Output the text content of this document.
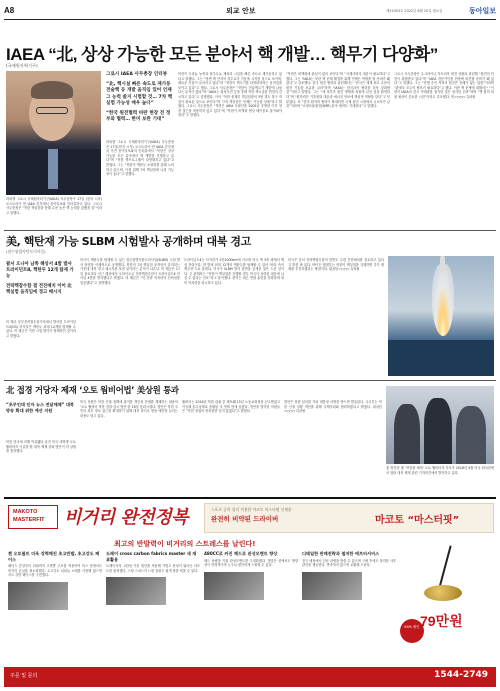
A8	외교 안보	제31053호 2022년 6월 20일 월요일	동아일보
IAEA “北, 상상 가능한 모든 분야서 핵 개발… 핵무기 다양화”
(국제원자력기구)
라파엘 그로시 국제원자력기구(IAEA) 사무총장이 17일 (현지 시각) 오스트리아 빈 IAEA 본부에서 동아일보와 인터뷰하고 있다. 그로시 사무총장은 “북한 핵실험을 통해 수준 높은 핵 능력을 갖췄을 것”이라고 말했다.
그로시 IAEA 사무총장 인터뷰
“北, 핵시설 빠른 속도로 재가동 전술핵 등 개발 움직임 있어 언제 그 능력 쓸지 시험할 것… 7차 핵실험 가능성 매우 높다”
“한국 원전협력 바란 현장 전 정부와 협력… 한미 보완 기대”
라파엘 그로시 국제원자력기구(IAEA) 사무총장은 17일(현지 시각) 오스트리아 빈 IAEA 본부에서 가진 동아일보와의 인터뷰에서 “북한은 상상 가능한 모든 분야에서 핵 개발을 진행하고 있다”며 “북한 핵프로그램이 다양해지고 있다”고 밝혔다. 그는 “북한이 핵탄두 소형화를 위해 노력하고 있으며, 이를 위해 7차 핵실험에 나설 가능성이 높다”고 말했다.
북한이 우라늄 농축과 플루토늄 재처리 시설을 빠른 속도로 재가동하고 있다고 말했다. 그는 “영변 핵 단지의 경수로가 가동을 시작한 것으로 보이며, 새로운 건물이 들어서고 있다”며 “북한이 핵무기를 다양화하려는 움직임을 보이고 있다”고 했다. 그로시 사무총장은 “북한이 전술핵무기 개발에 나섰다는 분석이 많다”며 “IAEA는 위성사진 등을 통해 북한 핵시설을 면밀히 감시하고 있다”고 설명했다. 이어 “북한 풍계리 핵실험장의 3번 갱도 복구 작업이 완료된 것으로 보인다”며 “7차 핵실험은 언제든 가능한 상태”라고 밝혔다. 그로시 사무총장은 “북한은 IAEA 사찰단을 2009년 추방한 이후 현장 접근을 허용하지 않고 있다”며 “북한이 비핵화 협상 테이블로 돌아와야 한다”고 말했다.
“북한은 비핵화에 관심이 없어 보인다”며 “국제사회의 대응이 필요하다”고 했다. 그는 “IAEA는 북한 핵 문제 해결을 위해 언제든 역할을 할 준비가 돼 있다”고 강조했다. 한국 원전 협력과 관련해서는 “한국은 세계 최고 수준의 원전 기술을 보유한 나라”라며 “IAEA는 한국과의 협력을 더욱 강화할 것”이라고 말했다. 그는 “새 정부가 원전 생태계 복원에 나선 것을 환영한다”며 “원자력은 기후변화 대응과 에너지 안보에 핵심적 역할을 한다”고 덧붙였다. 또 “한미 원자력 협력이 확대되면 국제 원전 시장에서 시너지가 클 것”이라며 “소형모듈원전(SMR) 분야 협력도 기대한다”고 말했다.
그로시 사무총장은 우크라이나 자포리자 원전 상황과 관련해 “원전의 안전이 위협받고 있다”며 “IAEA 전문가단을 현장에 파견할 준비가 돼 있다”고 말했다. 그는 “전쟁 중인 지역의 원전은 전례가 없는 위험”이라며 “관계국 모두의 협조가 필요하다”고 했다. 이란 핵 문제에 대해서는 “이란이 IAEA의 감시 카메라를 철거한 것은 심각한 우려”라며 “핵 합의 복원 협상이 중요한 시점”이라고 강조했다. 빈=○○○ 특파원
美, 핵탄재 가능 SLBM 시험발사 공개하며 대북 경고
(잠수함발사탄도미사일)
괌서 오니아 남쪽 해상서 4발 발사 트라이던트Ⅱ, 핵탄두 12개 탑재 가능
전략핵잠수함 결 전진배치 이어 北 핵실험 움직임에 경고 메시지
미 해군 동부전략잠수함기지에서 발사한 트라이던트Ⅱ(D5) 미사일은 핵탄두 최대 12개를 탑재할 수 있다. 미 해군은 이번 시험 발사가 정례적인 것이라고 밝혔다.
미국이 핵탄두를 탑재할 수 있는 잠수함발사탄도미사일(SLBM) 시험 발사 장면을 이례적으로 공개했다. 북한의 7차 핵실험 움직임이 감지되는 가운데 대북 경고 메시지를 보낸 것이라는 분석이 나온다. 미 해군은 17일 플로리다 인근 해상에서 오하이오급 전략핵잠수함이 트라이던트Ⅱ 미사일 4발을 발사했다고 밝혔다. 미 해군은 “미 전략 억지력의 신뢰성을 입증했다”고 설명했다.
트라이던트Ⅱ는 사거리가 1만2000km에 이르며 미국 핵 3축 체계의 핵심 전력이다. 한 발에 최대 12개의 핵탄두를 탑재할 수 있어 ‘바다 속의 핵우산’으로 불린다. 미국이 SLBM 발사 장면을 공개한 것은 드문 일이다. 군 관계자는 “북한이 핵실험을 강행할 경우 미국이 강력한 대응에 나설 수 있다는 신호”라고 풀이했다. 한미는 최근 연합 훈련을 강화하며 대북 억지력을 과시하고 있다.
미국은 앞서 전략핵잠수함의 한반도 주변 전진배치를 검토하고 있다고 밝힌 바 있다. 바이든 행정부는 북한이 핵실험을 강행하면 추가 제재를 추진하겠다는 방침이다. 워싱턴=○○○ 특파원
北 접경 거당자 제재 ‘오토 웜비어법’ 美상원 통과
“초무인데 인자 뉴스 전달매체” 대북방송 확대 위한 예산 지원
북한 당국에 의해 억류됐다 숨진 미국 대학생 오토 웜비어의 이름을 딴 대북 제재 강화 법안이 미 상원을 통과했다.
미국 상원은 북한 인권 침해에 관여한 개인과 단체를 제재하는 내용의 ‘오토 웜비어 북한 검열·감시 법안’을 16일 통과시켰다. 법안은 북한 주민의 외부 정보 접근을 확대하기 위해 대북 라디오 방송 예산을 늘리는 내용도 담고 있다.
웜비어는 2016년 북한 관광 중 체포돼 15년 노동교화형을 선고받았고 이듬해 혼수상태로 송환된 지 엿새 만에 숨졌다. 법안을 발의한 의원들은 “북한 정권의 잔혹함을 잊지 않겠다”고 밝혔다.
법안은 하원 심의를 거쳐 대통령 서명을 받으면 발효된다. 국무부는 북한 인권 상황 개선을 위해 국제사회와 협력하겠다고 밝혔다. 워싱턴=○○○ 특파원
北 방문한 美 ‘북한판 채비’ 오토 웜비어의 부모가 2018년 4월 미국 워싱턴에서 열린 대북 제재 관련 기자회견에서 발언하고 있다.
MAKOTO
MASTERFIT 비거리 완전정복	스포츠 공학 섭리 적용한 마코토 마스터핏 신제품
완전히 비약된 드라이버	마코토 “마스터핏”
최고의 반발력이 비거리의 스트레스를 날린다!
젠 오토볼트 더욱 강력해진 초고반발, 초고강도 페이스
페이스 중앙부터 외곽까지 고반발 구조를 적용하여 미스 샷에서도 비거리 손실을 최소화했다. 초고강도 티타늄 소재를 사용해 얇으면서도 강한 페이스를 구현했다.
도레이 cross carbon fabrics master 새 재료활용
도레이사의 고탄성 카본 원단을 적용해 가볍고 탄성이 뛰어난 샤프트를 완성했다. 스윙 스피드가 느린 골퍼도 쉽게 볼을 띄울 수 있다.
480CC로 커진 헤드로 관성모멘트 향상
헤드 용량을 키워 관성모멘트를 극대화했다. 빗맞은 샷에서도 방향성이 안정적이며 누구나 편안하게 스윙할 수 있다.
디테일한 판매전략과 철저한 에프터서비스
전국 매장에서 전문 피팅을 받을 수 있으며 구매 후에도 철저한 사후관리를 제공한다. 만족하지 않으면 교환해 드린다.
64% 할인 79만원
주문 및 문의	1544-2749
